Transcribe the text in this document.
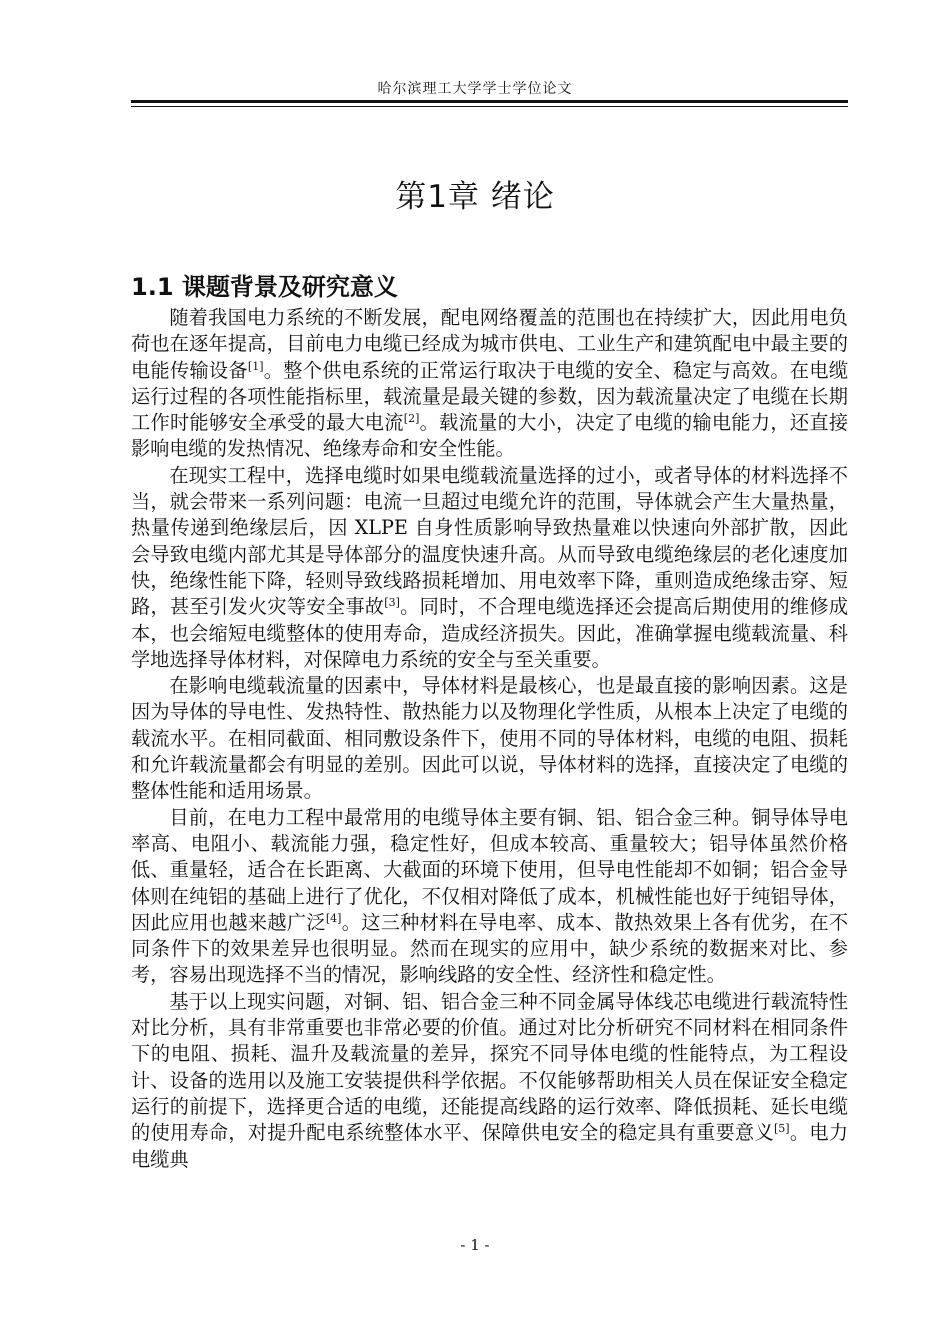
哈尔滨理工大学学士学位论文
第1章 绪论
1.1 课题背景及研究意义

随着我国电力系统的不断发展，配电网络覆盖的范围也在持续扩大，因此用电负荷也在逐年提高，目前电力电缆已经成为城市供电、工业生产和建筑配电中最主要的电能传输设备[1]。整个供电系统的正常运行取决于电缆的安全、稳定与高效。在电缆运行过程的各项性能指标里，载流量是最关键的参数，因为载流量决定了电缆在长期工作时能够安全承受的最大电流[2]。载流量的大小，决定了电缆的输电能力，还直接影响电缆的发热情况、绝缘寿命和安全性能。

在现实工程中，选择电缆时如果电缆载流量选择的过小，或者导体的材料选择不当，就会带来一系列问题：电流一旦超过电缆允许的范围，导体就会产生大量热量，热量传递到绝缘层后，因 XLPE 自身性质影响导致热量难以快速向外部扩散，因此会导致电缆内部尤其是导体部分的温度快速升高。从而导致电缆绝缘层的老化速度加快，绝缘性能下降，轻则导致线路损耗增加、用电效率下降，重则造成绝缘击穿、短路，甚至引发火灾等安全事故[3]。同时，不合理电缆选择还会提高后期使用的维修成本，也会缩短电缆整体的使用寿命，造成经济损失。因此，准确掌握电缆载流量、科学地选择导体材料，对保障电力系统的安全与至关重要。

在影响电缆载流量的因素中，导体材料是最核心，也是最直接的影响因素。这是因为导体的导电性、发热特性、散热能力以及物理化学性质，从根本上决定了电缆的载流水平。在相同截面、相同敷设条件下，使用不同的导体材料，电缆的电阻、损耗和允许载流量都会有明显的差别。因此可以说，导体材料的选择，直接决定了电缆的整体性能和适用场景。

目前，在电力工程中最常用的电缆导体主要有铜、铝、铝合金三种。铜导体导电率高、电阻小、载流能力强，稳定性好，但成本较高、重量较大；铝导体虽然价格低、重量轻，适合在长距离、大截面的环境下使用，但导电性能却不如铜；铝合金导体则在纯铝的基础上进行了优化，不仅相对降低了成本，机械性能也好于纯铝导体，因此应用也越来越广泛[4]。这三种材料在导电率、成本、散热效果上各有优劣，在不同条件下的效果差异也很明显。然而在现实的应用中，缺少系统的数据来对比、参考，容易出现选择不当的情况，影响线路的安全性、经济性和稳定性。

基于以上现实问题，对铜、铝、铝合金三种不同金属导体线芯电缆进行载流特性对比分析，具有非常重要也非常必要的价值。通过对比分析研究不同材料在相同条件下的电阻、损耗、温升及载流量的差异，探究不同导体电缆的性能特点，为工程设计、设备的选用以及施工安装提供科学依据。不仅能够帮助相关人员在保证安全稳定运行的前提下，选择更合适的电缆，还能提高线路的运行效率、降低损耗、延长电缆的使用寿命，对提升配电系统整体水平、保障供电安全的稳定具有重要意义[5]。电力电缆典

- 1 -
